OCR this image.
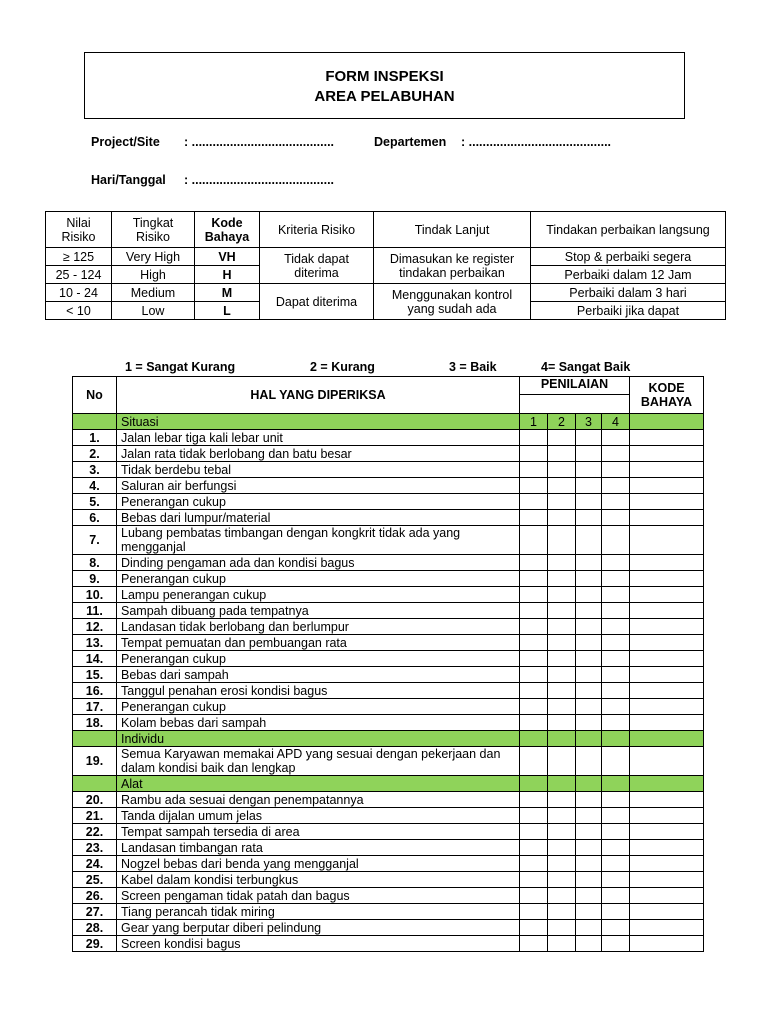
FORM INSPEKSI
AREA PELABUHAN
Project/Site : .........................................	Departemen : .........................................
Hari/Tanggal : .........................................
Nilai Risiko	Tingkat Risiko	Kode Bahaya	Kriteria Risiko	Tindak Lanjut	Tindakan perbaikan langsung
≥ 125	Very High	VH	Tidak dapat diterima	Dimasukan ke register tindakan perbaikan	Stop & perbaiki segera
25 - 124	High	H			Perbaiki dalam 12 Jam
10 - 24	Medium	M	Dapat diterima	Menggunakan kontrol yang sudah ada	Perbaiki dalam 3 hari
< 10	Low	L			Perbaiki jika dapat
1 = Sangat Kurang	2 = Kurang	3 = Baik	4= Sangat Baik
No	HAL YANG DIPERIKSA	PENILAIAN				KODE BAHAYA

	Situasi	1	2	3	4	
1.	Jalan lebar tiga kali lebar unit					
2.	Jalan rata tidak berlobang dan batu besar					
3.	Tidak berdebu tebal					
4.	Saluran air berfungsi					
5.	Penerangan cukup					
6.	Bebas dari lumpur/material					
7.	Lubang pembatas timbangan dengan kongkrit tidak ada yang mengganjal					
8.	Dinding pengaman ada dan kondisi bagus					
9.	Penerangan cukup					
10.	Lampu penerangan cukup					
11.	Sampah dibuang pada tempatnya					
12.	Landasan tidak berlobang dan berlumpur					
13.	Tempat pemuatan dan pembuangan rata					
14.	Penerangan cukup					
15.	Bebas dari sampah					
16.	Tanggul penahan erosi kondisi bagus					
17.	Penerangan cukup					
18.	Kolam bebas dari sampah					
	Individu					
19.	Semua Karyawan memakai APD yang sesuai dengan pekerjaan dan dalam kondisi baik dan lengkap					
	Alat					
20.	Rambu ada sesuai dengan penempatannya					
21.	Tanda dijalan umum jelas					
22.	Tempat sampah tersedia di area					
23.	Landasan timbangan rata					
24.	Nogzel bebas dari benda yang mengganjal					
25.	Kabel dalam kondisi terbungkus					
26.	Screen pengaman tidak patah dan bagus					
27.	Tiang perancah tidak miring					
28.	Gear yang berputar diberi pelindung					
29.	Screen kondisi bagus					
